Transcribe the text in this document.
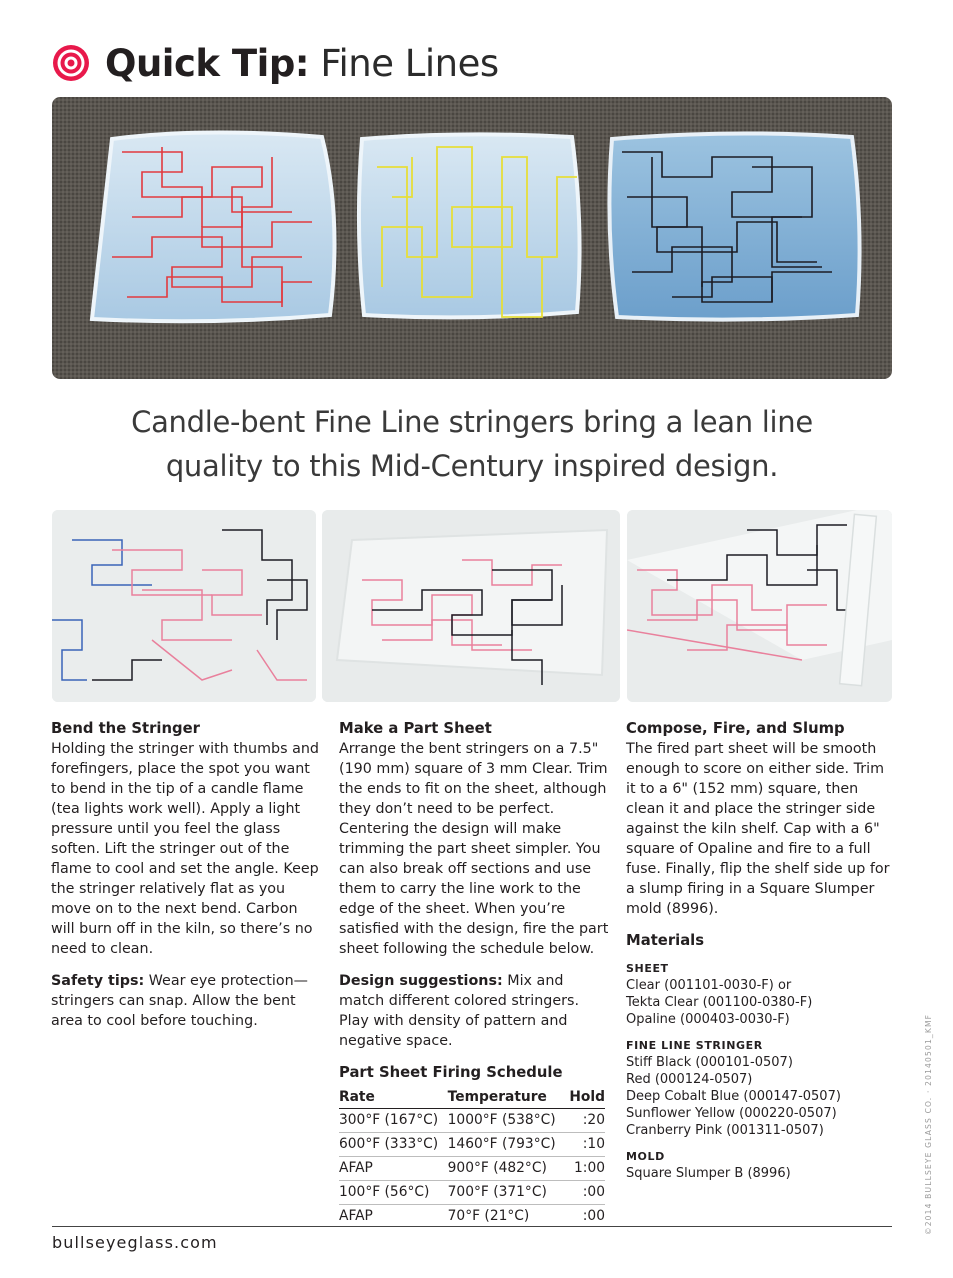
Quick Tip: Fine Lines
Candle-bent Fine Line stringers bring a lean line
quality to this Mid-Century inspired design.
Bend the Stringer

Holding the stringer with thumbs and forefingers, place the spot you want to bend in the tip of a candle flame (tea lights work well). Apply a light pressure until you feel the glass soften. Lift the stringer out of the flame to cool and set the angle. Keep the stringer relatively flat as you move on to the next bend. Carbon will burn off in the kiln, so there’s no need to clean.

Safety tips: Wear eye protection—stringers can snap. Allow the bent area to cool before touching.

Make a Part Sheet

Arrange the bent stringers on a 7.5" (190 mm) square of 3 mm Clear. Trim the ends to fit on the sheet, although they don’t need to be perfect. Centering the design will make trimming the part sheet simpler. You can also break off sections and use them to carry the line work to the edge of the sheet. When you’re satisfied with the design, fire the part sheet following the schedule below.

Design suggestions: Mix and match different colored stringers. Play with density of pattern and negative space.

Part Sheet Firing Schedule
Rate	Temperature	Hold
300°F (167°C)	1000°F (538°C)	:20
600°F (333°C)	1460°F (793°C)	:10
AFAP	900°F (482°C)	1:00
100°F (56°C)	700°F (371°C)	:00
AFAP	70°F (21°C)	:00
Compose, Fire, and Slump

The fired part sheet will be smooth enough to score on either side. Trim it to a 6" (152 mm) square, then clean it and place the stringer side against the kiln shelf. Cap with a 6" square of Opaline and fire to a full fuse. Finally, flip the shelf side up for a slump firing in a Square Slumper mold (8996).

Materials
SHEET
Clear (001101-0030-F) or
Tekta Clear (001100-0380-F)
Opaline (000403-0030-F)
FINE LINE STRINGER
Stiff Black (000101-0507)
Red (000124-0507)
Deep Cobalt Blue (000147-0507)
Sunflower Yellow (000220-0507)
Cranberry Pink (001311-0507)
MOLD
Square Slumper B (8996)
bullseyeglass.com
©2014 BULLSEYE GLASS CO. · 20140501_KMF
